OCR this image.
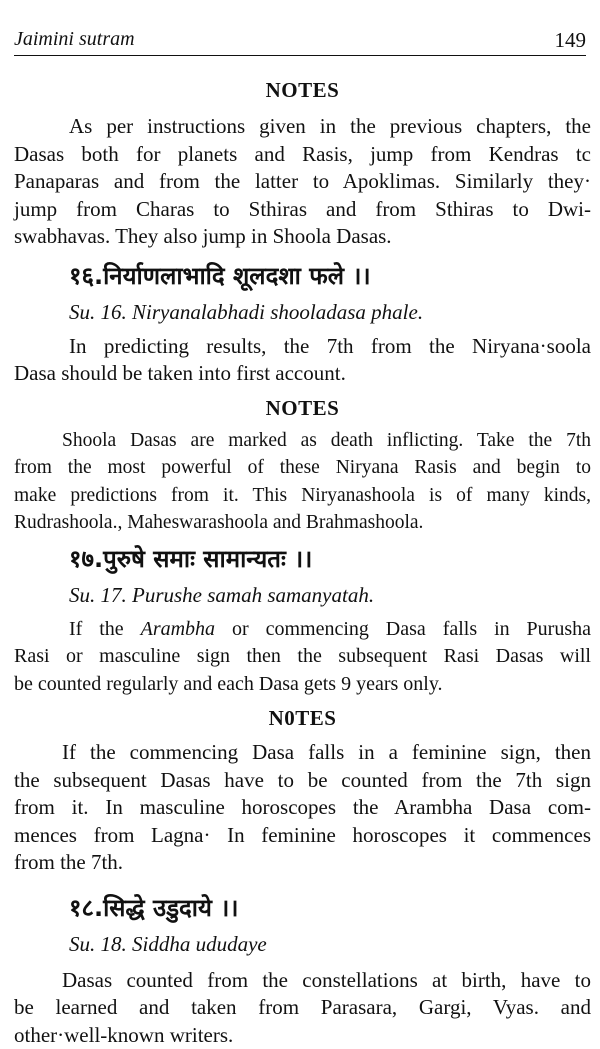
Jaimini sutram	149

NOTES

As per instructions given in the previous chapters, the
Dasas both for planets and Rasis, jump from Kendras tc
Panaparas and from the latter to Apoklimas. Similarly they·
jump from Charas to Sthiras and from Sthiras to Dwi-
swabhavas. They also jump in Shoola Dasas.

१६.निर्याणलाभादि शूलदशा फले ।।

Su. 16. Niryanalabhadi shooladasa phale.

In predicting results, the 7th from the Niryana·soola
Dasa should be taken into first account.

NOTES

Shoola Dasas are marked as death inflicting. Take the 7th
from the most powerful of these Niryana Rasis and begin to
make predictions from it. This Niryanashoola is of many kinds,
Rudrashoola., Maheswarashoola and Brahmashoola.

१७.पुरुषे समाः सामान्यतः ।।

Su. 17. Purushe samah samanyatah.

If the Arambha or commencing Dasa falls in Purusha
Rasi or masculine sign then the subsequent Rasi Dasas will
be counted regularly and each Dasa gets 9 years only.

N0TES

If the commencing Dasa falls in a feminine sign, then
the subsequent Dasas have to be counted from the 7th sign
from it. In masculine horoscopes the Arambha Dasa com-
mences from Lagna· In feminine horoscopes it commences
from the 7th.

१८.सिद्धे उडुदाये ।।

Su. 18. Siddha ududaye

Dasas counted from the constellations at birth, have to
be learned and taken from Parasara, Gargi, Vyas. and
other·well-known writers.
